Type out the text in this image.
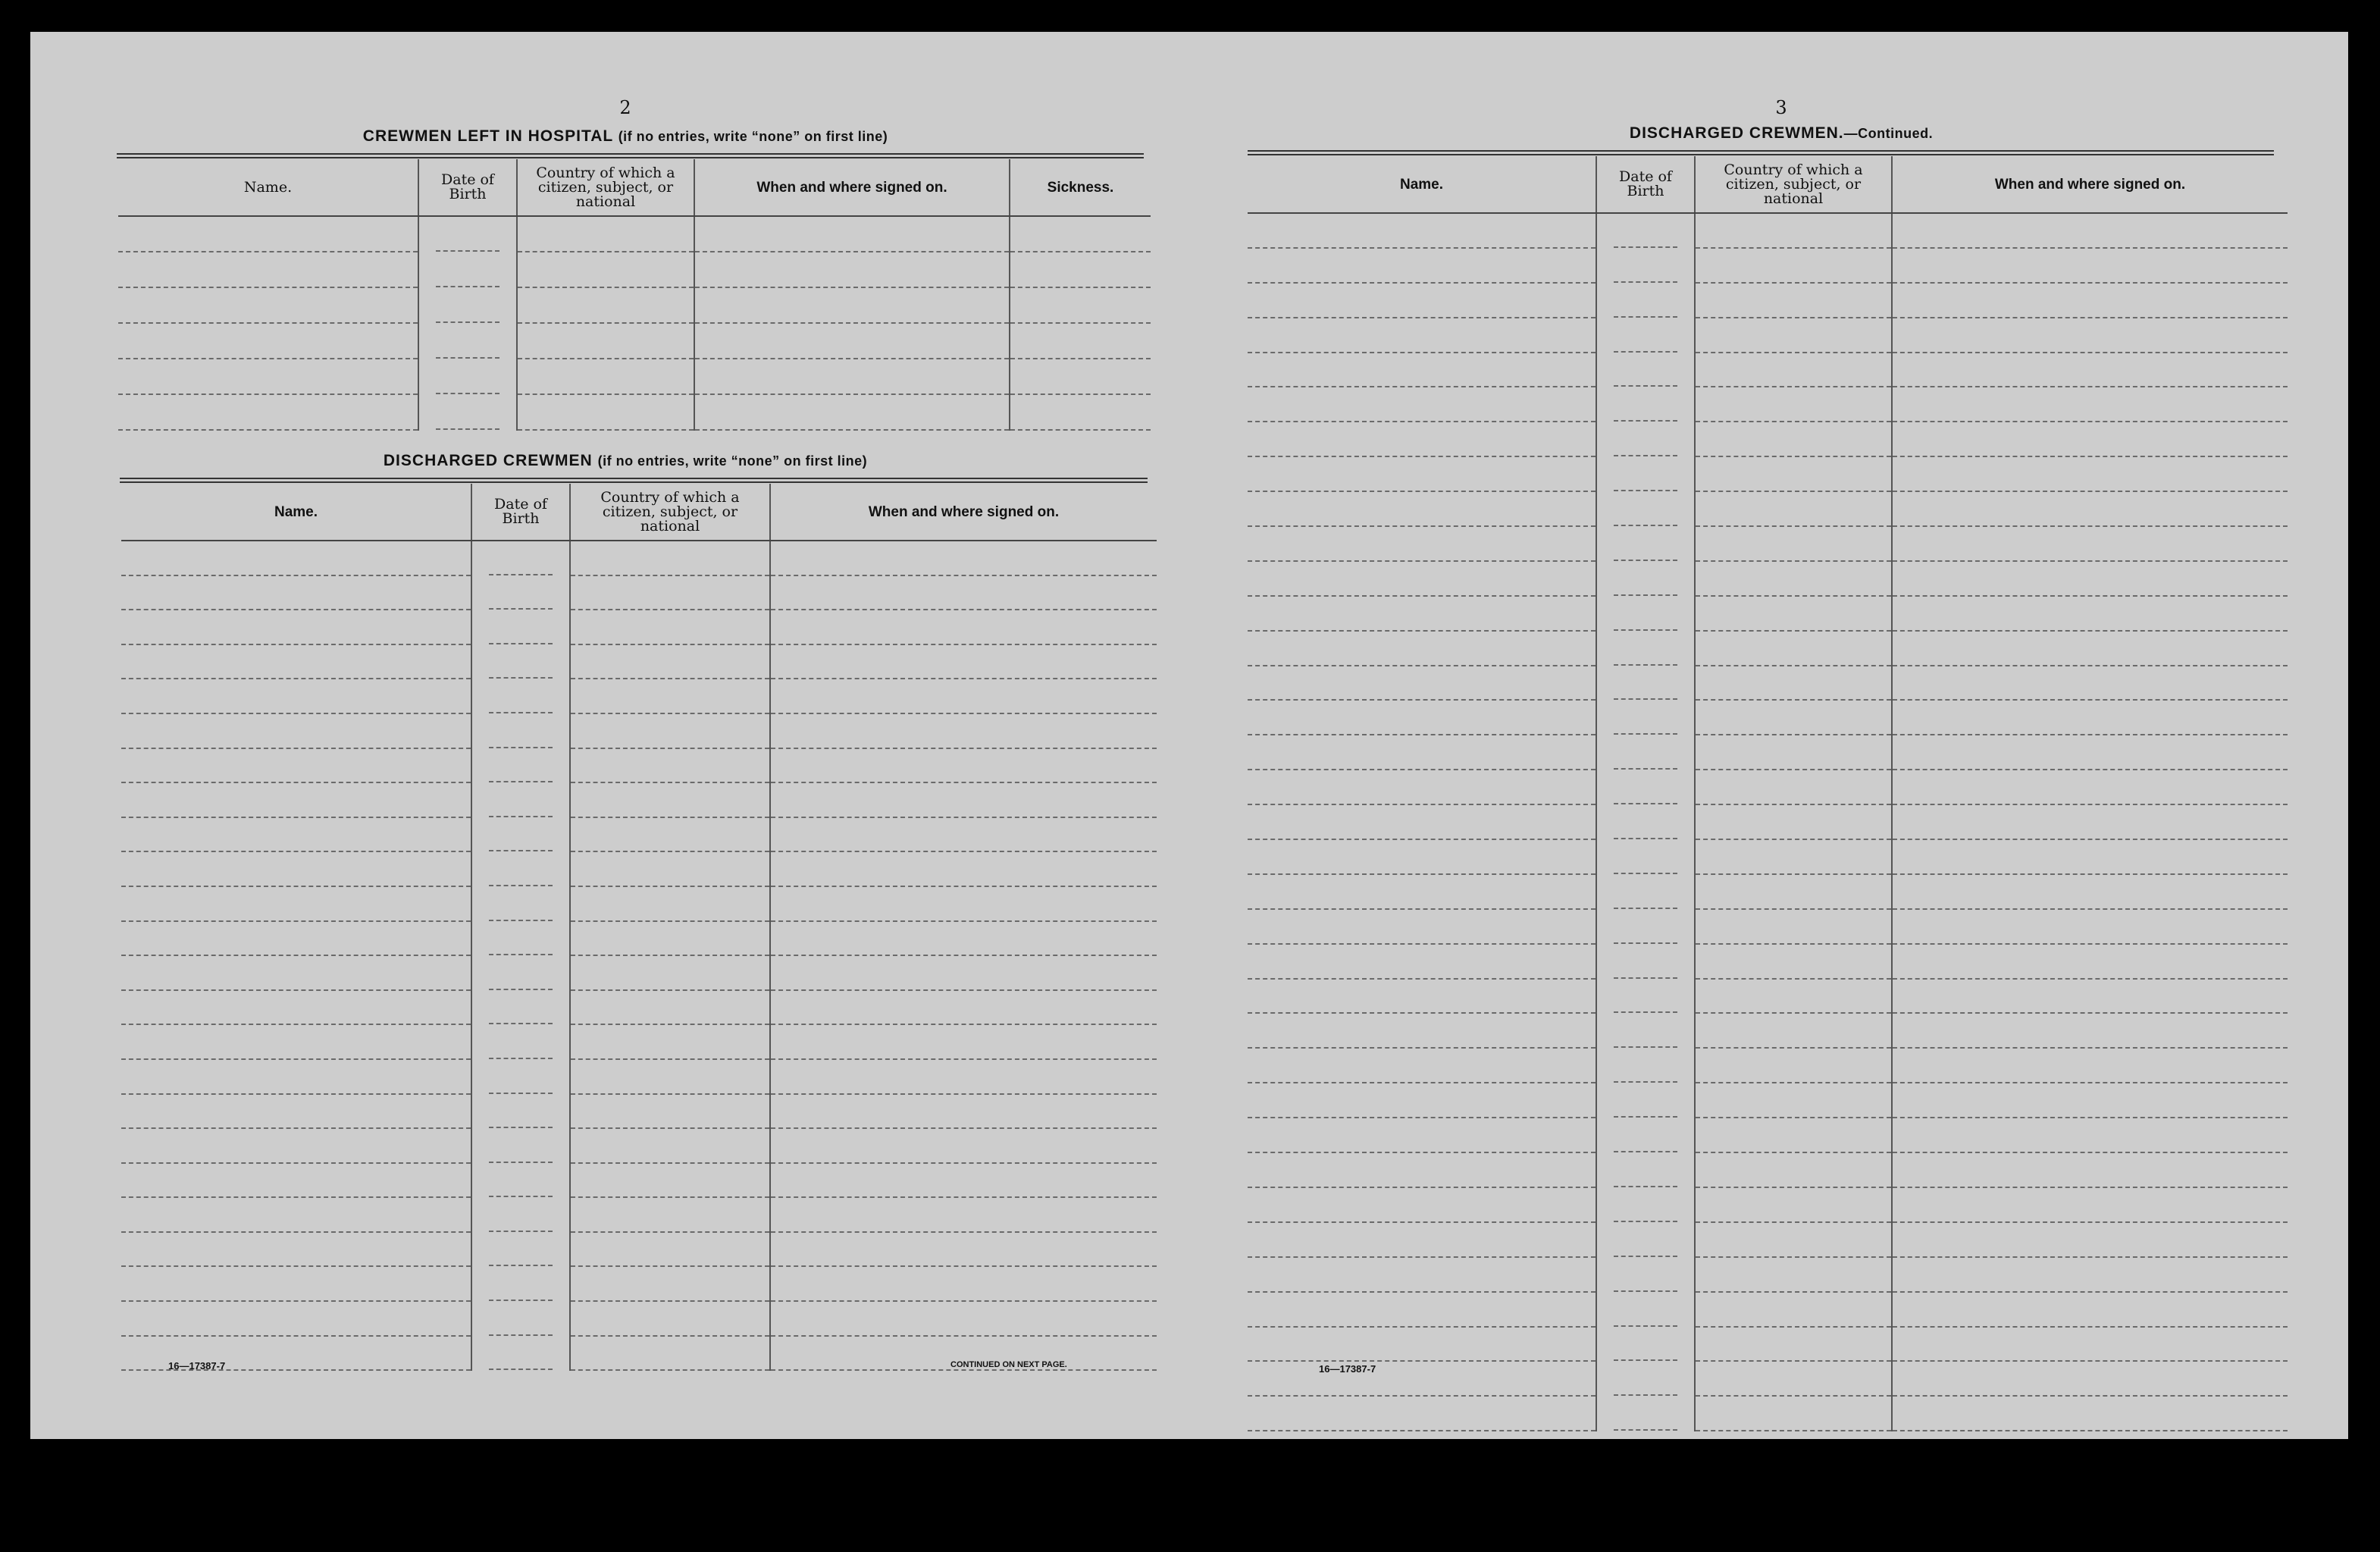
2
CREWMEN LEFT IN HOSPITAL (if no entries, write “none” on first line)
Name.	Date of Birth	Country of which a citizen, subject, or national	When and where signed on.	Sickness.

DISCHARGED CREWMEN (if no entries, write “none” on first line)
Name.	Date of Birth	Country of which a citizen, subject, or national	When and where signed on.

16—17387-7	CONTINUED ON NEXT PAGE.
3
DISCHARGED CREWMEN.—Continued.
Name.	Date of Birth	Country of which a citizen, subject, or national	When and where signed on.

16—17387-7
